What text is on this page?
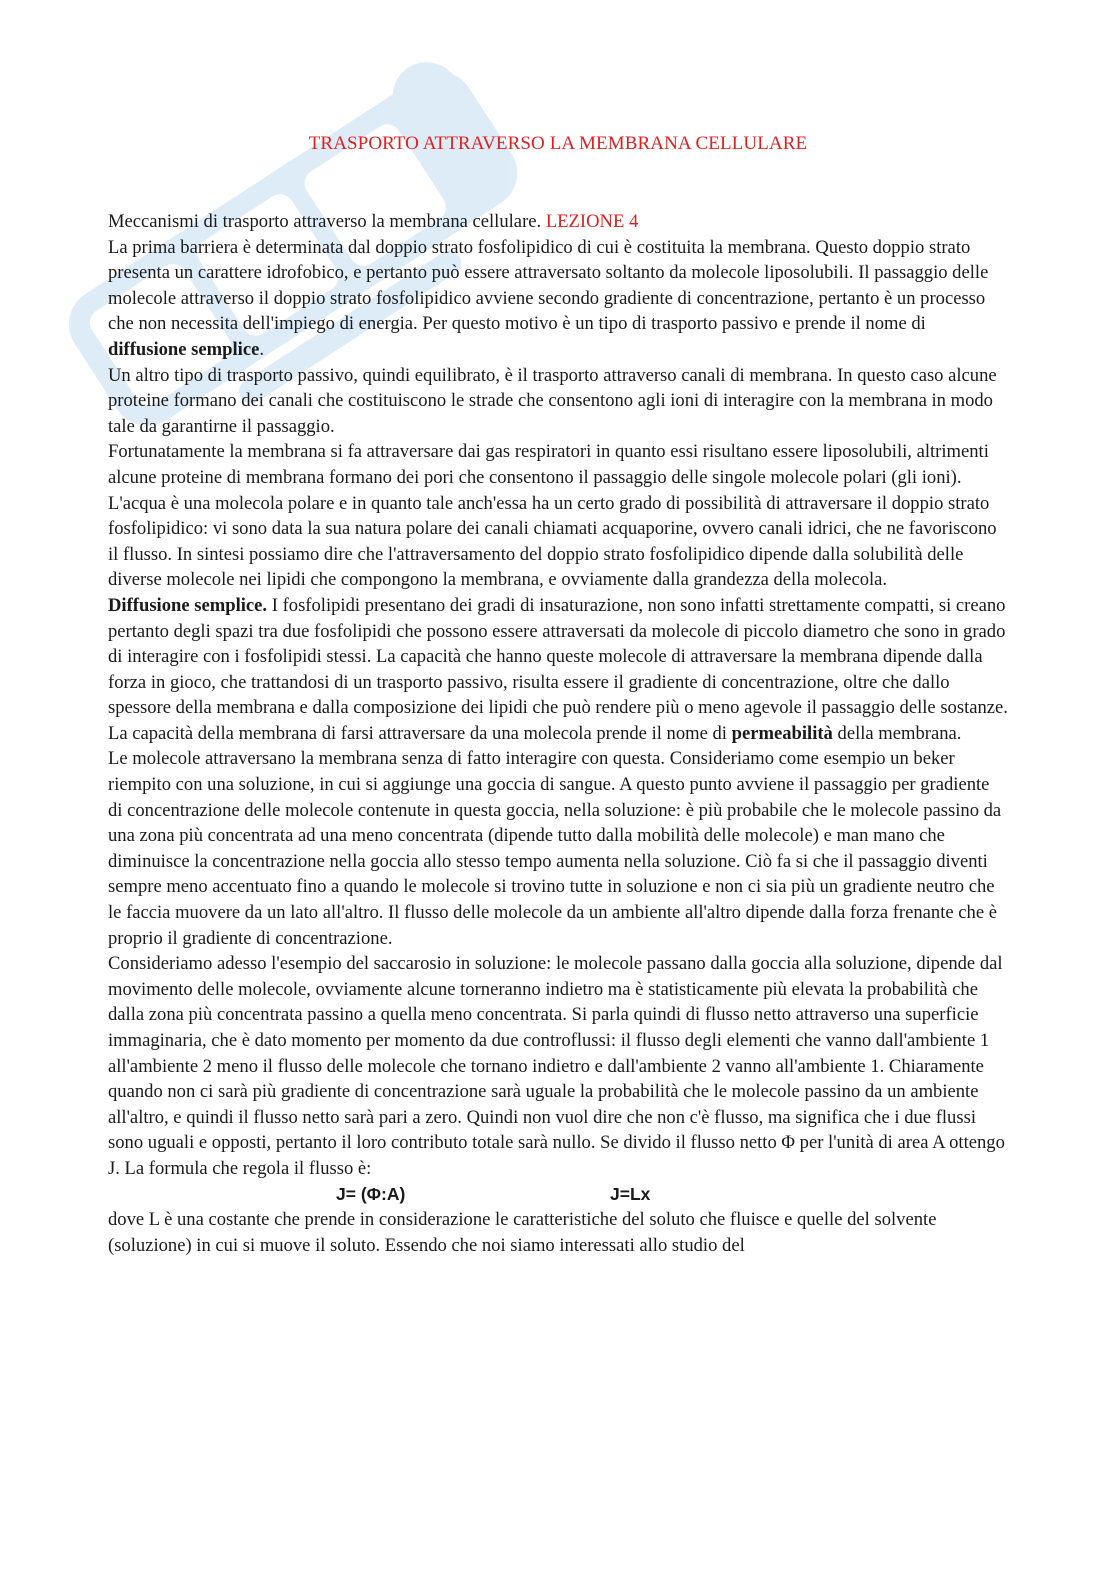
TRASPORTO ATTRAVERSO LA MEMBRANA CELLULARE

Meccanismi di trasporto attraverso la membrana cellulare. LEZIONE 4

La prima barriera è determinata dal doppio strato fosfolipidico di cui è costituita la membrana. Questo doppio strato presenta un carattere idrofobico, e pertanto può essere attraversato soltanto da molecole liposolubili. Il passaggio delle molecole attraverso il doppio strato fosfolipidico avviene secondo gradiente di concentrazione, pertanto è un processo che non necessita dell'impiego di energia. Per questo motivo è un tipo di trasporto passivo e prende il nome di diffusione semplice.

Un altro tipo di trasporto passivo, quindi equilibrato, è il trasporto attraverso canali di membrana. In questo caso alcune proteine formano dei canali che costituiscono le strade che consentono agli ioni di interagire con la membrana in modo tale da garantirne il passaggio.

Fortunatamente la membrana si fa attraversare dai gas respiratori in quanto essi risultano essere liposolubili, altrimenti alcune proteine di membrana formano dei pori che consentono il passaggio delle singole molecole polari (gli ioni). L'acqua è una molecola polare e in quanto tale anch'essa ha un certo grado di possibilità di attraversare il doppio strato fosfolipidico: vi sono data la sua natura polare dei canali chiamati acquaporine, ovvero canali idrici, che ne favoriscono il flusso. In sintesi possiamo dire che l'attraversamento del doppio strato fosfolipidico dipende dalla solubilità delle diverse molecole nei lipidi che compongono la membrana, e ovviamente dalla grandezza della molecola.

Diffusione semplice. I fosfolipidi presentano dei gradi di insaturazione, non sono infatti strettamente compatti, si creano pertanto degli spazi tra due fosfolipidi che possono essere attraversati da molecole di piccolo diametro che sono in grado di interagire con i fosfolipidi stessi. La capacità che hanno queste molecole di attraversare la membrana dipende dalla forza in gioco, che trattandosi di un trasporto passivo, risulta essere il gradiente di concentrazione, oltre che dallo spessore della membrana e dalla composizione dei lipidi che può rendere più o meno agevole il passaggio delle sostanze. La capacità della membrana di farsi attraversare da una molecola prende il nome di permeabilità della membrana.

Le molecole attraversano la membrana senza di fatto interagire con questa. Consideriamo come esempio un beker riempito con una soluzione, in cui si aggiunge una goccia di sangue. A questo punto avviene il passaggio per gradiente di concentrazione delle molecole contenute in questa goccia, nella soluzione: è più probabile che le molecole passino da una zona più concentrata ad una meno concentrata (dipende tutto dalla mobilità delle molecole) e man mano che diminuisce la concentrazione nella goccia allo stesso tempo aumenta nella soluzione. Ciò fa si che il passaggio diventi sempre meno accentuato fino a quando le molecole si trovino tutte in soluzione e non ci sia più un gradiente neutro che le faccia muovere da un lato all'altro. Il flusso delle molecole da un ambiente all'altro dipende dalla forza frenante che è proprio il gradiente di concentrazione.

Consideriamo adesso l'esempio del saccarosio in soluzione: le molecole passano dalla goccia alla soluzione, dipende dal movimento delle molecole, ovviamente alcune torneranno indietro ma è statisticamente più elevata la probabilità che dalla zona più concentrata passino a quella meno concentrata. Si parla quindi di flusso netto attraverso una superficie immaginaria, che è dato momento per momento da due controflussi: il flusso degli elementi che vanno dall'ambiente 1 all'ambiente 2 meno il flusso delle molecole che tornano indietro e dall'ambiente 2 vanno all'ambiente 1. Chiaramente quando non ci sarà più gradiente di concentrazione sarà uguale la probabilità che le molecole passino da un ambiente all'altro, e quindi il flusso netto sarà pari a zero. Quindi non vuol dire che non c'è flusso, ma significa che i due flussi sono uguali e opposti, pertanto il loro contributo totale sarà nullo. Se divido il flusso netto Φ per l'unità di area A ottengo J. La formula che regola il flusso è:

J= (Φ:A)	J=Lx

dove L è una costante che prende in considerazione le caratteristiche del soluto che fluisce e quelle del solvente (soluzione) in cui si muove il soluto. Essendo che noi siamo interessati allo studio del
